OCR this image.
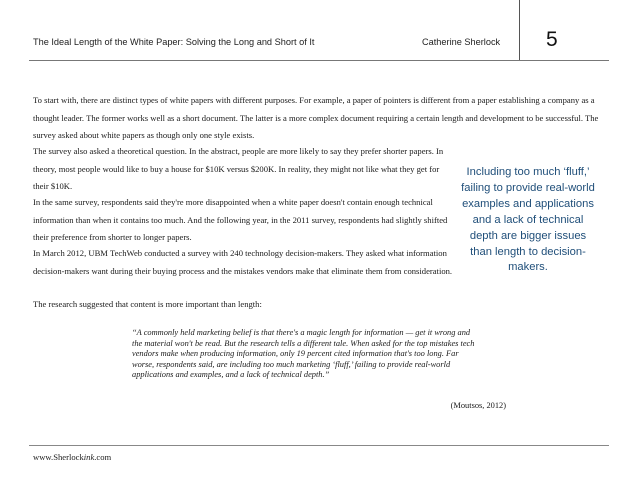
The Ideal Length of the White Paper: Solving the Long and Short of It	Catherine Sherlock 5
To start with, there are distinct types of white papers with different purposes. For example, a paper of pointers is different from a paper establishing a company as a thought leader. The former works well as a short document. The latter is a more complex document requiring a certain length and development to be successful. The survey asked about white papers as though only one style exists.
The survey also asked a theoretical question. In the abstract, people are more likely to say they prefer shorter papers. In theory, most people would like to buy a house for $10K versus $200K. In reality, they might not like what they get for their $10K.
In the same survey, respondents said they're more disappointed when a white paper doesn't contain enough technical information than when it contains too much. And the following year, in the 2011 survey, respondents had slightly shifted their preference from shorter to longer papers.
In March 2012, UBM TechWeb conducted a survey with 240 technology decision-makers. They asked what information decision-makers want during their buying process and the mistakes vendors make that eliminate them from consideration.
The research suggested that content is more important than length:
Including too much ‘fluff,’ failing to provide real-world examples and applications and a lack of technical depth are bigger issues than length to decision-makers.
“A commonly held marketing belief is that there's a magic length for information — get it wrong and the material won't be read. But the research tells a different tale. When asked for the top mistakes tech vendors make when producing information, only 19 percent cited information that's too long. Far worse, respondents said, are including too much marketing ‘fluff,’ failing to provide real-world applications and examples, and a lack of technical depth.”
(Moutsos, 2012)
www.Sherlockink.com
